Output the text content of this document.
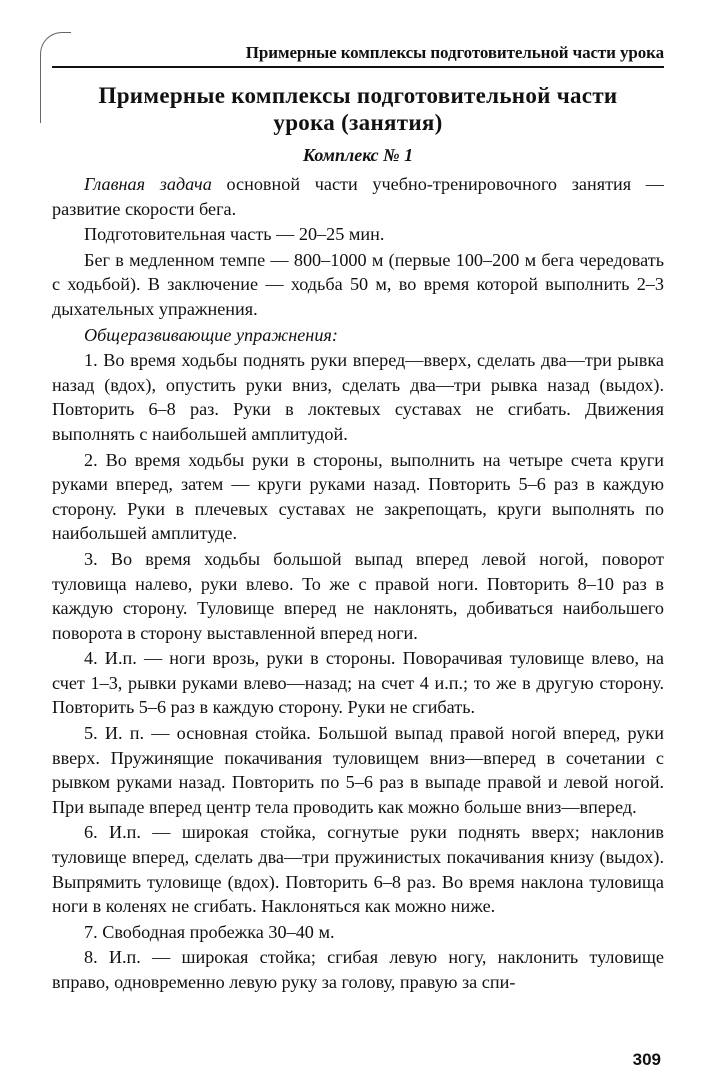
Примерные комплексы подготовительной части урока
Примерные комплексы подготовительной части
урока (занятия)
Комплекс № 1

Главная задача основной части учебно-тренировочного занятия — развитие скорости бега.

Подготовительная часть — 20–25 мин.

Бег в медленном темпе — 800–1000 м (первые 100–200 м бега чередовать с ходьбой). В заключение — ходьба 50 м, во время которой выполнить 2–3 дыхательных упражнения.

Общеразвивающие упражнения:

1. Во время ходьбы поднять руки вперед—вверх, сделать два—три рывка назад (вдох), опустить руки вниз, сделать два—три рывка назад (выдох). Повторить 6–8 раз. Руки в локтевых суставах не сгибать. Движения выполнять с наибольшей амплитудой.

2. Во время ходьбы руки в стороны, выполнить на четыре счета круги руками вперед, затем — круги руками назад. Повторить 5–6 раз в каждую сторону. Руки в плечевых суставах не закрепощать, круги выполнять по наибольшей амплитуде.

3. Во время ходьбы большой выпад вперед левой ногой, поворот туловища налево, руки влево. То же с правой ноги. Повторить 8–10 раз в каждую сторону. Туловище вперед не наклонять, добиваться наибольшего поворота в сторону выставленной вперед ноги.

4. И.п. — ноги врозь, руки в стороны. Поворачивая туловище влево, на счет 1–3, рывки руками влево—назад; на счет 4 и.п.; то же в другую сторону. Повторить 5–6 раз в каждую сторону. Руки не сгибать.

5. И. п. — основная стойка. Большой выпад правой ногой вперед, руки вверх. Пружинящие покачивания туловищем вниз—вперед в сочетании с рывком руками назад. Повторить по 5–6 раз в выпаде правой и левой ногой. При выпаде вперед центр тела проводить как можно больше вниз—вперед.

6. И.п. — широкая стойка, согнутые руки поднять вверх; наклонив туловище вперед, сделать два—три пружинистых покачивания книзу (выдох). Выпрямить туловище (вдох). Повторить 6–8 раз. Во время наклона туловища ноги в коленях не сгибать. Наклоняться как можно ниже.

7. Свободная пробежка 30–40 м.

8. И.п. — широкая стойка; сгибая левую ногу, наклонить туловище вправо, одновременно левую руку за голову, правую за спи-

309
